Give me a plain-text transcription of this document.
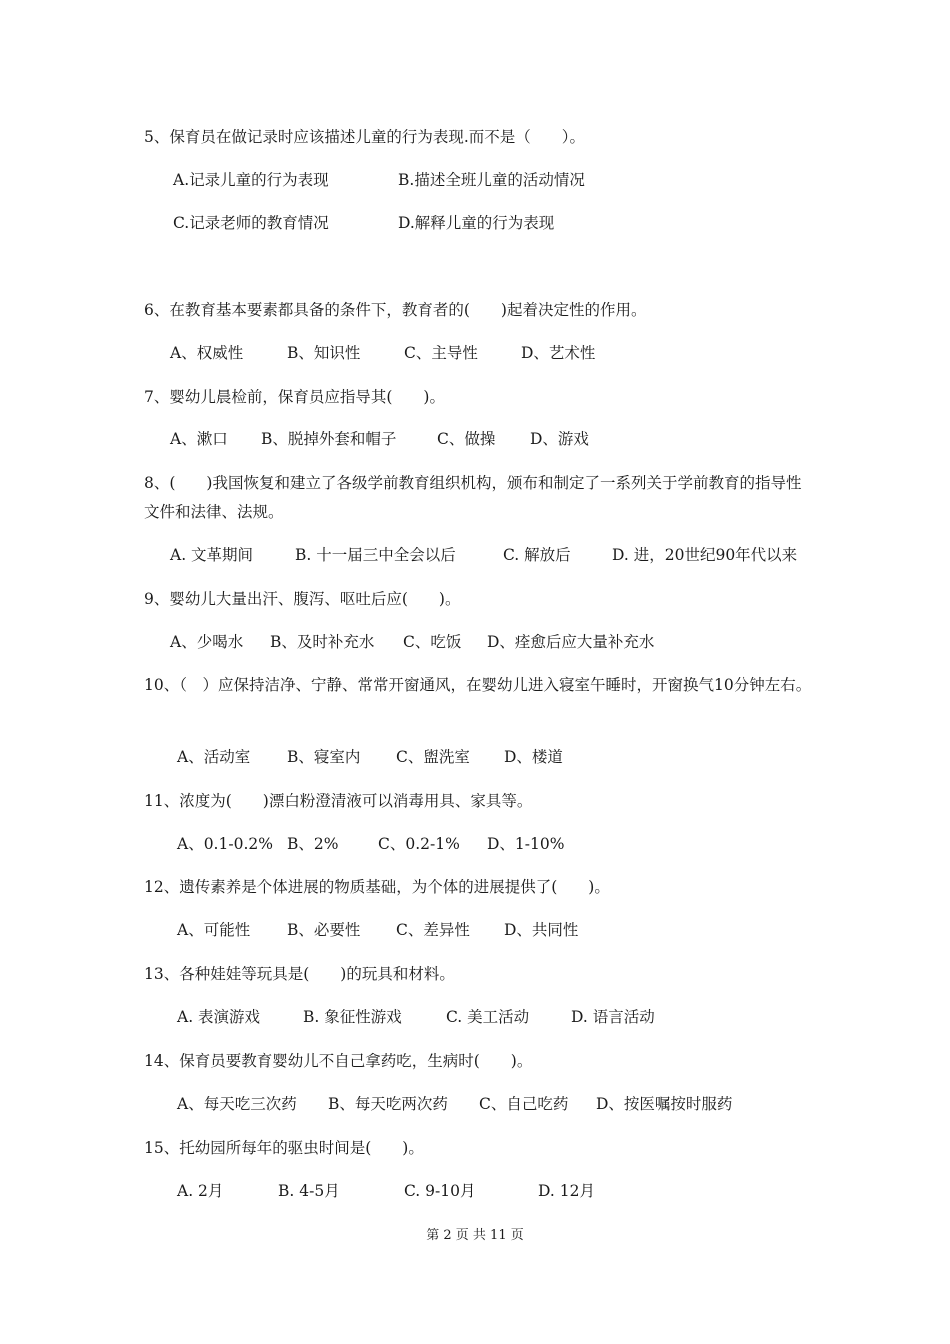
5、保育员在做记录时应该描述儿童的行为表现.而不是（　　）。
A.记录儿童的行为表现	B.描述全班儿童的活动情况
C.记录老师的教育情况	D.解释儿童的行为表现
6、在教育基本要素都具备的条件下，教育者的(　　)起着决定性的作用。
A、权威性	B、知识性	C、主导性	D、艺术性
7、婴幼儿晨检前，保育员应指导其(　　)。
A、漱口 B、脱掉外套和帽子	C、做操 D、游戏
8、(　　)我国恢复和建立了各级学前教育组织机构，颁布和制定了一系列关于学前教育的指导性文件和法律、法规。
A. 文革期间	B. 十一届三中全会以后	C. 解放后	D. 进，20世纪90年代以来
9、婴幼儿大量出汗、腹泻、呕吐后应(　　)。
A、少喝水 B、及时补充水 C、吃饭 D、痊愈后应大量补充水
10、（　）应保持洁净、宁静、常常开窗通风，在婴幼儿进入寝室午睡时，开窗换气10分钟左右。
A、活动室 B、寝室内 C、盥洗室 D、楼道
11、浓度为(　　)漂白粉澄清液可以消毒用具、家具等。
A、0.1-0.2% B、2%	C、0.2-1% D、1-10%
12、遗传素养是个体进展的物质基础，为个体的进展提供了(　　)。
A、可能性 B、必要性 C、差异性 D、共同性
13、各种娃娃等玩具是(　　)的玩具和材料。
A. 表演游戏	B. 象征性游戏	C. 美工活动	D. 语言活动
14、保育员要教育婴幼儿不自己拿药吃，生病时(　　)。
A、每天吃三次药 B、每天吃两次药 C、自己吃药 D、按医嘱按时服药
15、托幼园所每年的驱虫时间是(　　)。
A. 2月	B. 4-5月	C. 9-10月	D. 12月
第 2 页 共 11 页
